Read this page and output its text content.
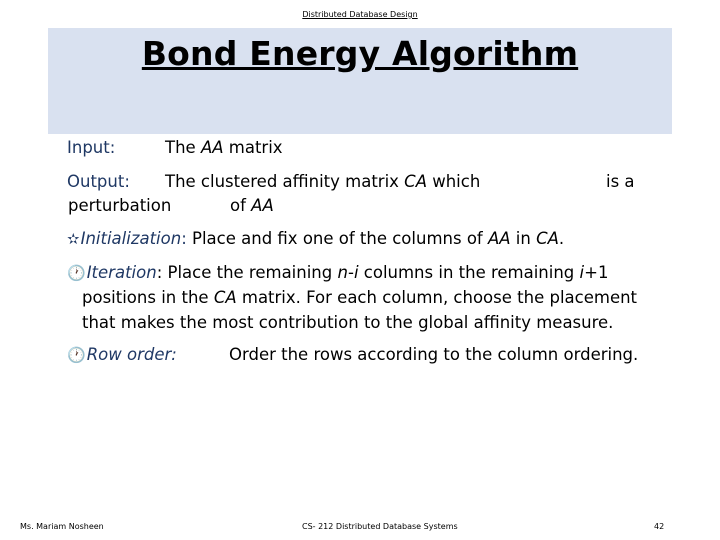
Distributed Database Design
Bond Energy Algorithm
Input:	The AA matrix
Output: The clustered affinity matrix CA which	is a
perturbation	of AA
✫Initialization: Place and fix one of the columns of AA in CA.
🕐Iteration: Place the remaining n-i columns in the remaining i+1
positions in the CA matrix. For each column, choose the placement
that makes the most contribution to the global affinity measure.
🕐Row order:	Order the rows according to the column ordering.
Ms. Mariam Nosheen	CS- 212 Distributed Database Systems	42
